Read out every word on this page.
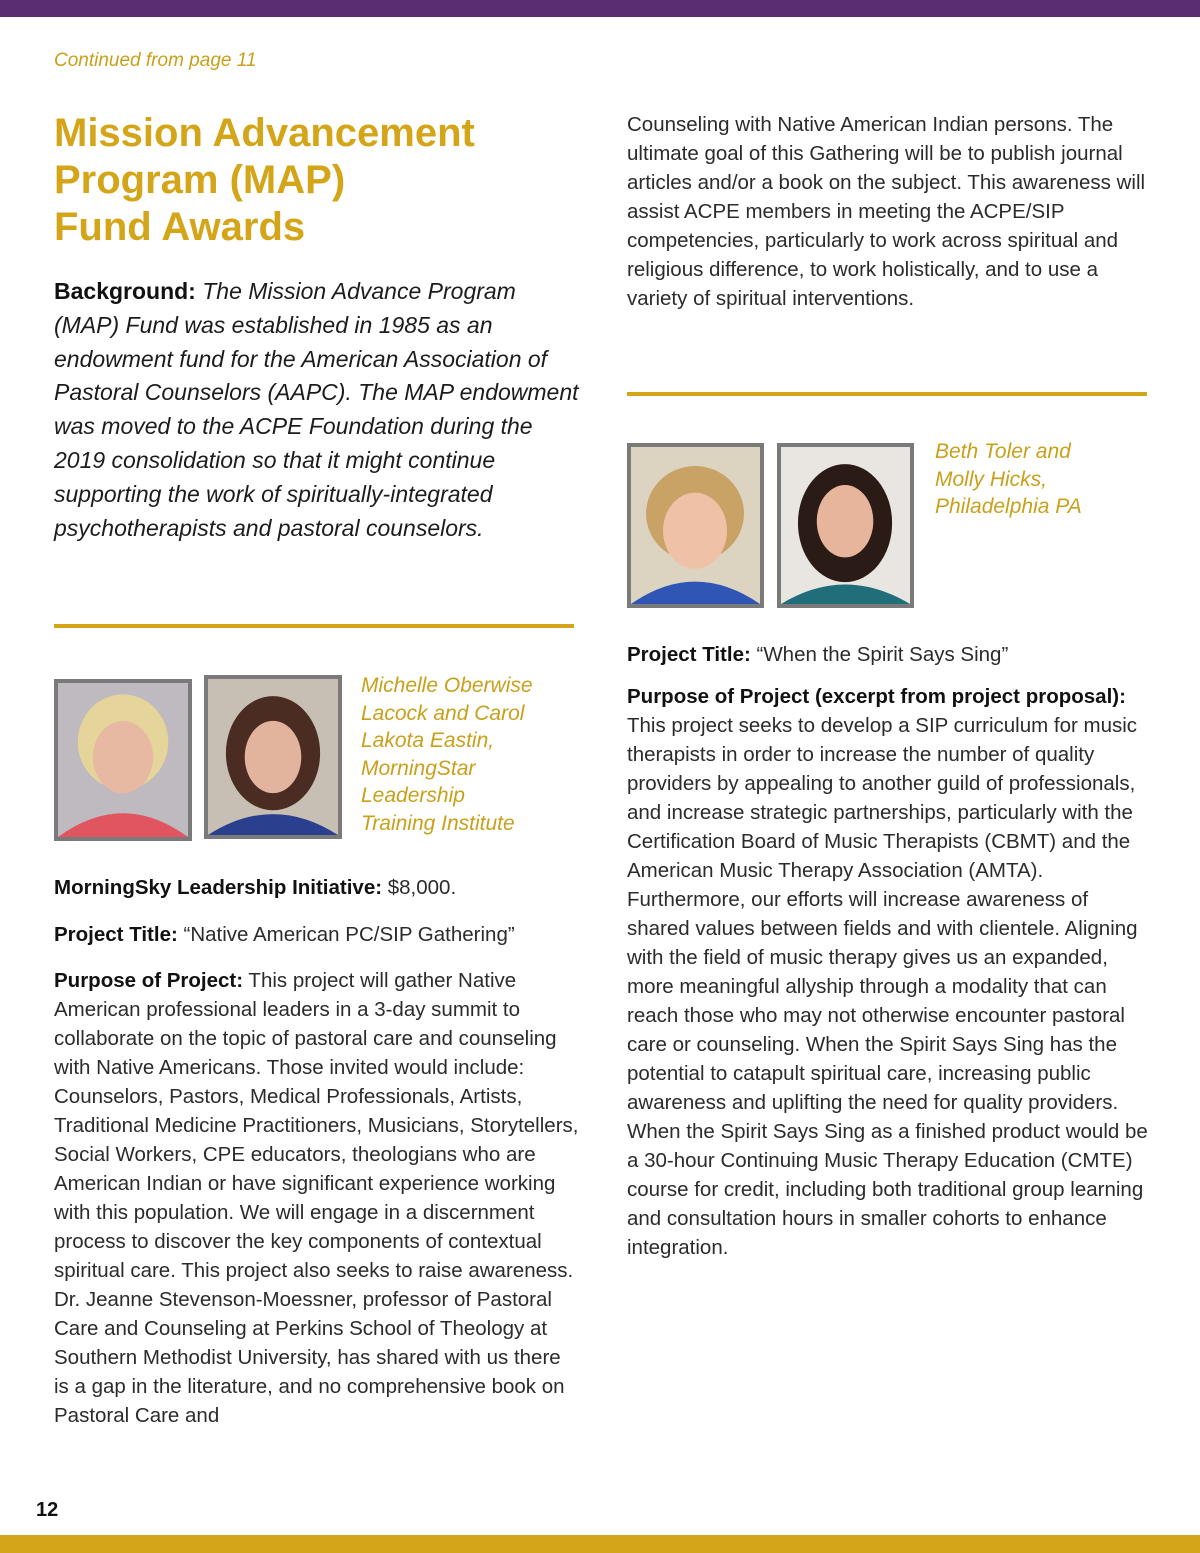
Continued from page 11
Mission Advancement
Program (MAP)
Fund Awards

Background: The Mission Advance Program (MAP) Fund was established in 1985 as an endowment fund for the American Association of Pastoral Counselors (AAPC). The MAP endowment was moved to the ACPE Foundation during the 2019 consolidation so that it might continue supporting the work of spiritually-integrated psychotherapists and pastoral counselors.

Michelle Oberwise
Lacock and Carol
Lakota Eastin,
MorningStar
Leadership
Training Institute

MorningSky Leadership Initiative: $8,000.

Project Title: “Native American PC/SIP Gathering”

Purpose of Project: This project will gather Native American professional leaders in a 3-day summit to collaborate on the topic of pastoral care and counseling with Native Americans. Those invited would include: Counselors, Pastors, Medical Professionals, Artists, Traditional Medicine Practitioners, Musicians, Storytellers, Social Workers, CPE educators, theologians who are American Indian or have significant experience working with this population. We will engage in a discernment process to discover the key components of contextual spiritual care. This project also seeks to raise awareness. Dr. Jeanne Stevenson-Moessner, professor of Pastoral Care and Counseling at Perkins School of Theology at Southern Methodist University, has shared with us there is a gap in the literature, and no comprehensive book on Pastoral Care and

Counseling with Native American Indian persons. The ultimate goal of this Gathering will be to publish journal articles and/or a book on the subject. This awareness will assist ACPE members in meeting the ACPE/SIP competencies, particularly to work across spiritual and religious difference, to work holistically, and to use a variety of spiritual interventions.

Beth Toler and
Molly Hicks,
Philadelphia PA

Project Title: “When the Spirit Says Sing”

Purpose of Project (excerpt from project proposal): This project seeks to develop a SIP curriculum for music therapists in order to increase the number of quality providers by appealing to another guild of professionals, and increase strategic partnerships, particularly with the Certification Board of Music Therapists (CBMT) and the American Music Therapy Association (AMTA). Furthermore, our efforts will increase awareness of shared values between fields and with clientele. Aligning with the field of music therapy gives us an expanded, more meaningful allyship through a modality that can reach those who may not otherwise encounter pastoral care or counseling. When the Spirit Says Sing has the potential to catapult spiritual care, increasing public awareness and uplifting the need for quality providers. When the Spirit Says Sing as a finished product would be a 30-hour Continuing Music Therapy Education (CMTE) course for credit, including both traditional group learning and consultation hours in smaller cohorts to enhance integration.

12
